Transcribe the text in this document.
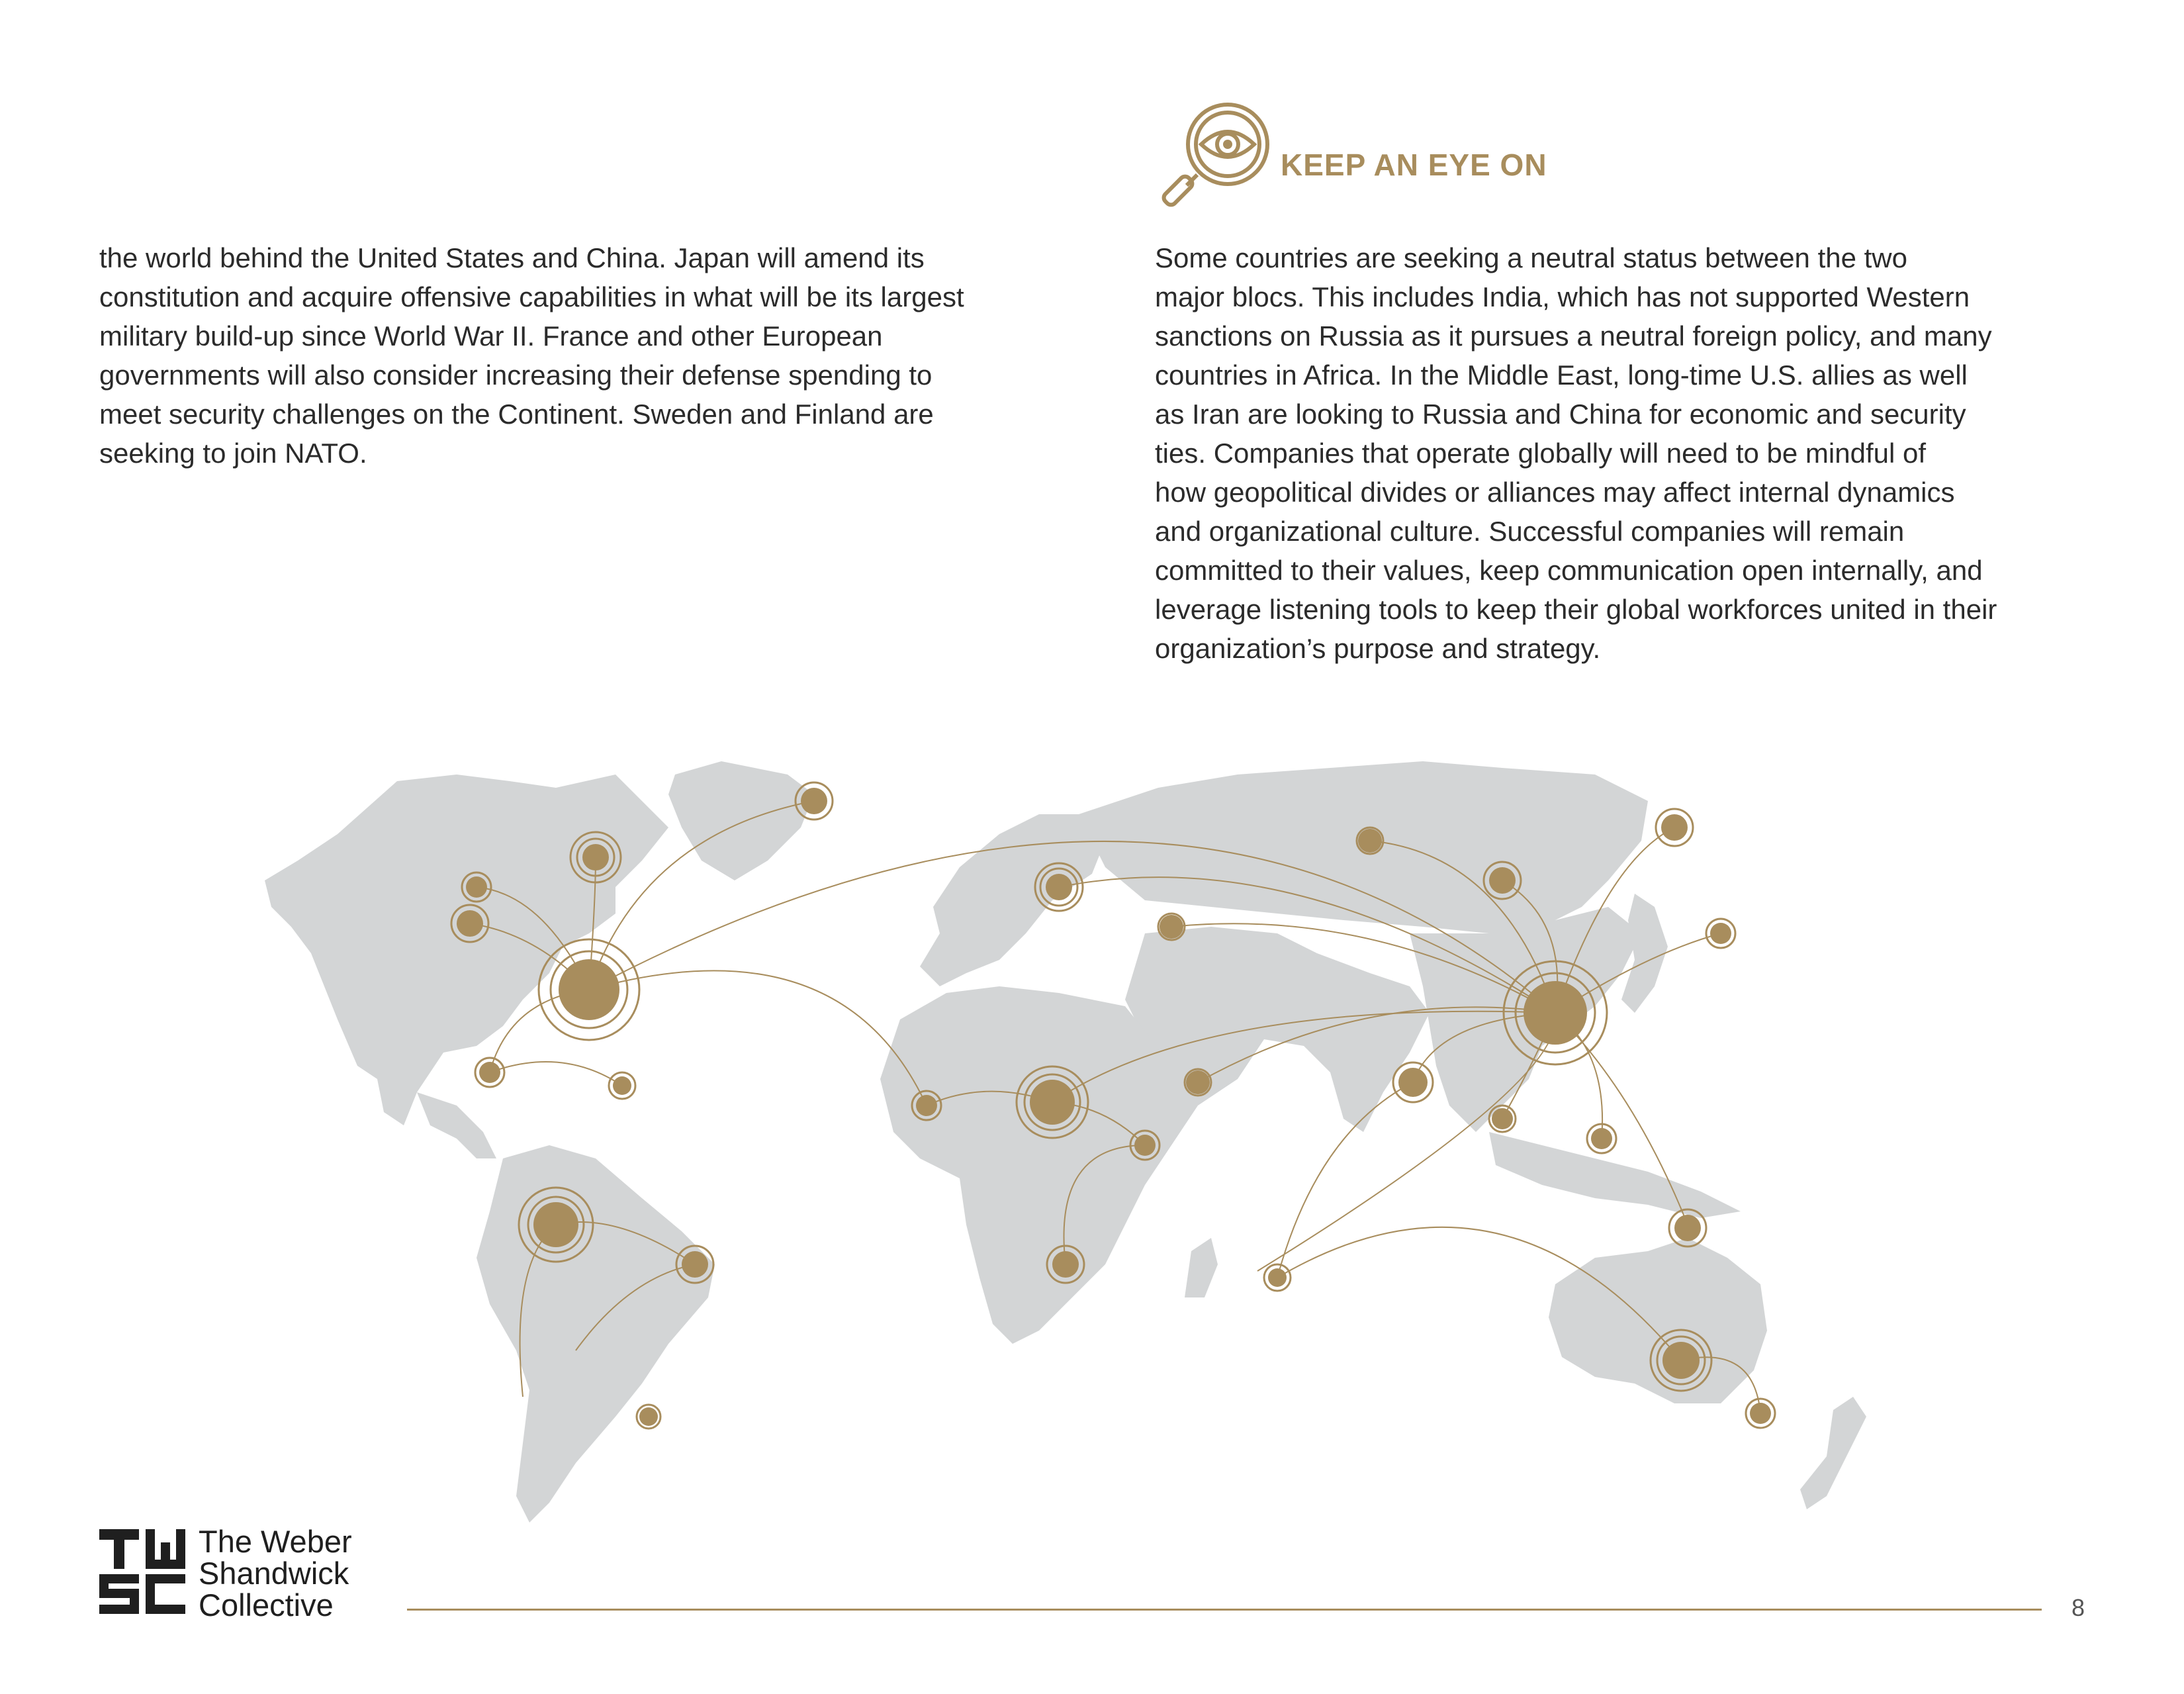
the world behind the United States and China. Japan will amend its
constitution and acquire offensive capabilities in what will be its largest
military build-up since World War II. France and other European
governments will also consider increasing their defense spending to
meet security challenges on the Continent. Sweden and Finland are
seeking to join NATO.

KEEP AN EYE ON

Some countries are seeking a neutral status between the two
major blocs. This includes India, which has not supported Western
sanctions on Russia as it pursues a neutral foreign policy, and many
countries in Africa. In the Middle East, long-time U.S. allies as well
as Iran are looking to Russia and China for economic and security
ties. Companies that operate globally will need to be mindful of
how geopolitical divides or alliances may affect internal dynamics
and organizational culture. Successful companies will remain
committed to their values, keep communication open internally, and
leverage listening tools to keep their global workforces united in their
organization’s purpose and strategy.

The Weber
Shandwick
Collective	8
